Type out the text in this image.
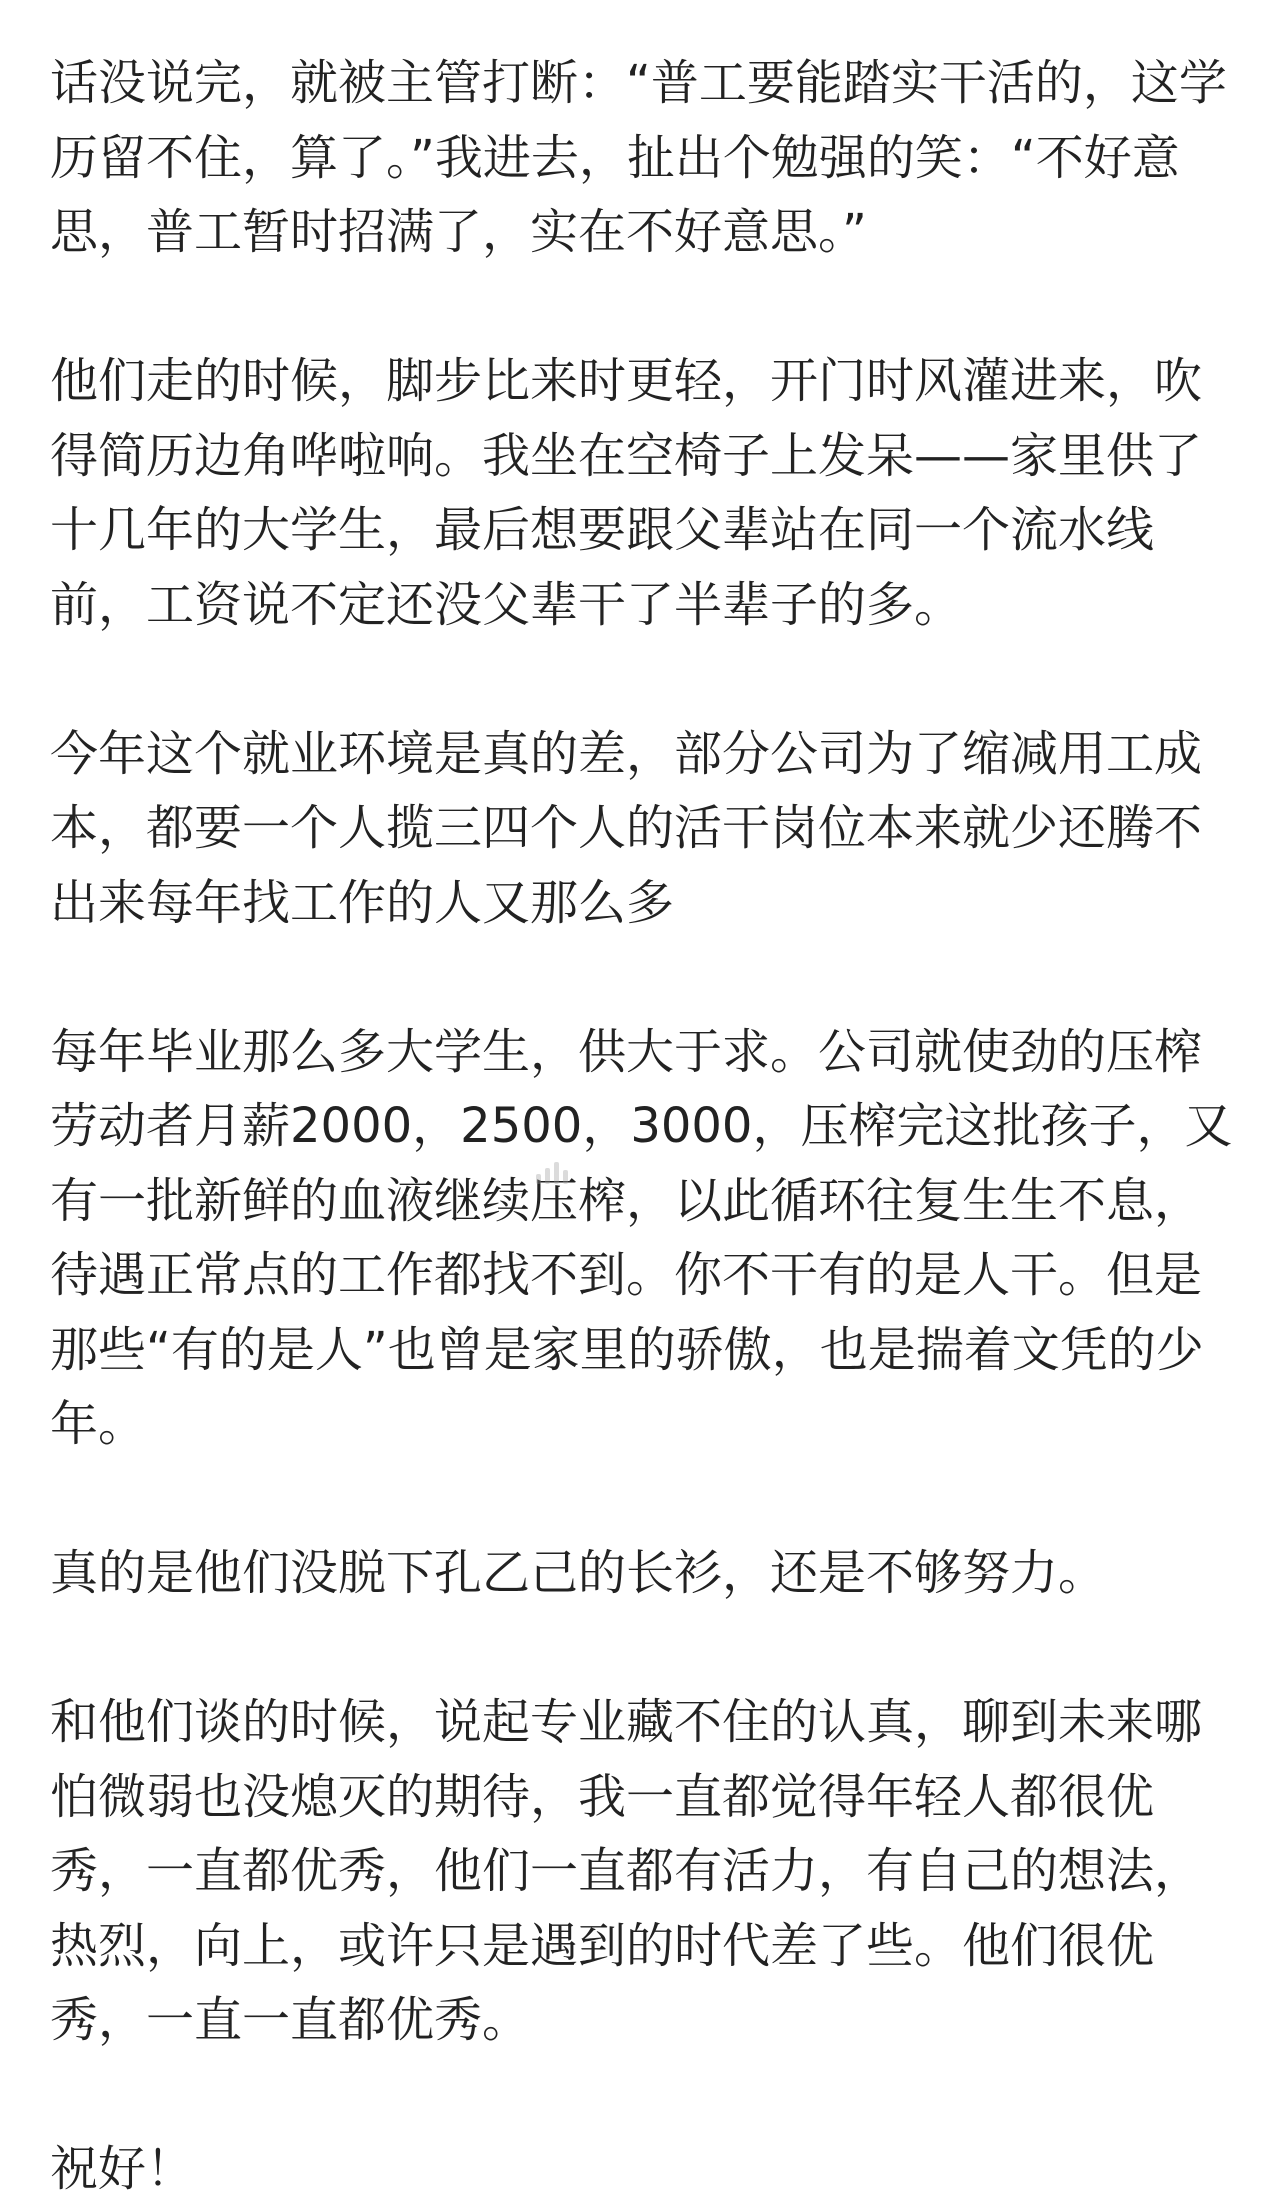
话没说完，就被主管打断：“普工要能踏实干活的，这学历留不住，算了。”我进去，扯出个勉强的笑：“不好意思，普工暂时招满了，实在不好意思。”

他们走的时候，脚步比来时更轻，开门时风灌进来，吹得简历边角哗啦响。我坐在空椅子上发呆——家里供了十几年的大学生，最后想要跟父辈站在同一个流水线前，工资说不定还没父辈干了半辈子的多。

今年这个就业环境是真的差，部分公司为了缩减用工成本，都要一个人揽三四个人的活干岗位本来就少还腾不出来每年找工作的人又那么多

每年毕业那么多大学生，供大于求。公司就使劲的压榨劳动者月薪2000，2500，3000，压榨完这批孩子，又有一批新鲜的血液继续压榨，以此循环往复生生不息，待遇正常点的工作都找不到。你不干有的是人干。但是那些“有的是人”也曾是家里的骄傲，也是揣着文凭的少年。

真的是他们没脱下孔乙己的长衫，还是不够努力。

和他们谈的时候，说起专业藏不住的认真，聊到未来哪怕微弱也没熄灭的期待，我一直都觉得年轻人都很优秀，一直都优秀，他们一直都有活力，有自己的想法，热烈，向上，或许只是遇到的时代差了些。他们很优秀，一直一直都优秀。

祝好！
